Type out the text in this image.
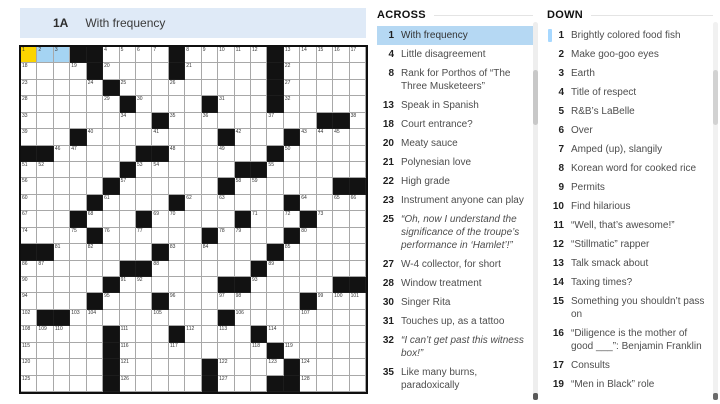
1A With frequency
1	2	3	4	5	6	7	8	9	10 11 12	13 14 15 16 17
18	19	20	21	22
23	24	25	26	27
28	29	30	31	32
33	34	35	36	37	38
39	40	41	42	43 44 45
46 47	48	49	50
51 52	53 54	55
56	57	58 59
60	61	62	63	64	65 66
67	68	69 70	71	72	73
74	75	76	77	78 79	80
81	82	83	84	85
86 87	88	89
90	91 92	93
94	95	96	97 98	99 100 101
102	103 104	105	106	107
108 109 110	111	112	113	114
115	116	117	118	119
120	121	122	123	124
125	126	127	128
ACROSS
1 With frequency
4 Little disagreement
8 Rank for Porthos of “The Three Musketeers”
13 Speak in Spanish
18 Court entrance?
20 Meaty sauce
21 Polynesian love
22 High grade
23 Instrument anyone can play
25 “Oh, now I understand the significance of the troupe’s performance in ‘Hamlet’!”
27 W-4 collector, for short
28 Window treatment
30 Singer Rita
31 Touches up, as a tattoo
32 “I can’t get past this witness box!”
35 Like many burns, paradoxically
DOWN
1 Brightly colored food fish
2 Make goo-goo eyes
3 Earth
4 Title of respect
5 R&B’s LaBelle
6 Over
7 Amped (up), slangily
8 Korean word for cooked rice
9 Permits
10 Find hilarious
11 “Well, that’s awesome!”
12 “Stillmatic” rapper
13 Talk smack about
14 Taxing times?
15 Something you shouldn’t pass on
16 “Diligence is the mother of good ___”: Benjamin Franklin
17 Consults
19 “Men in Black” role
